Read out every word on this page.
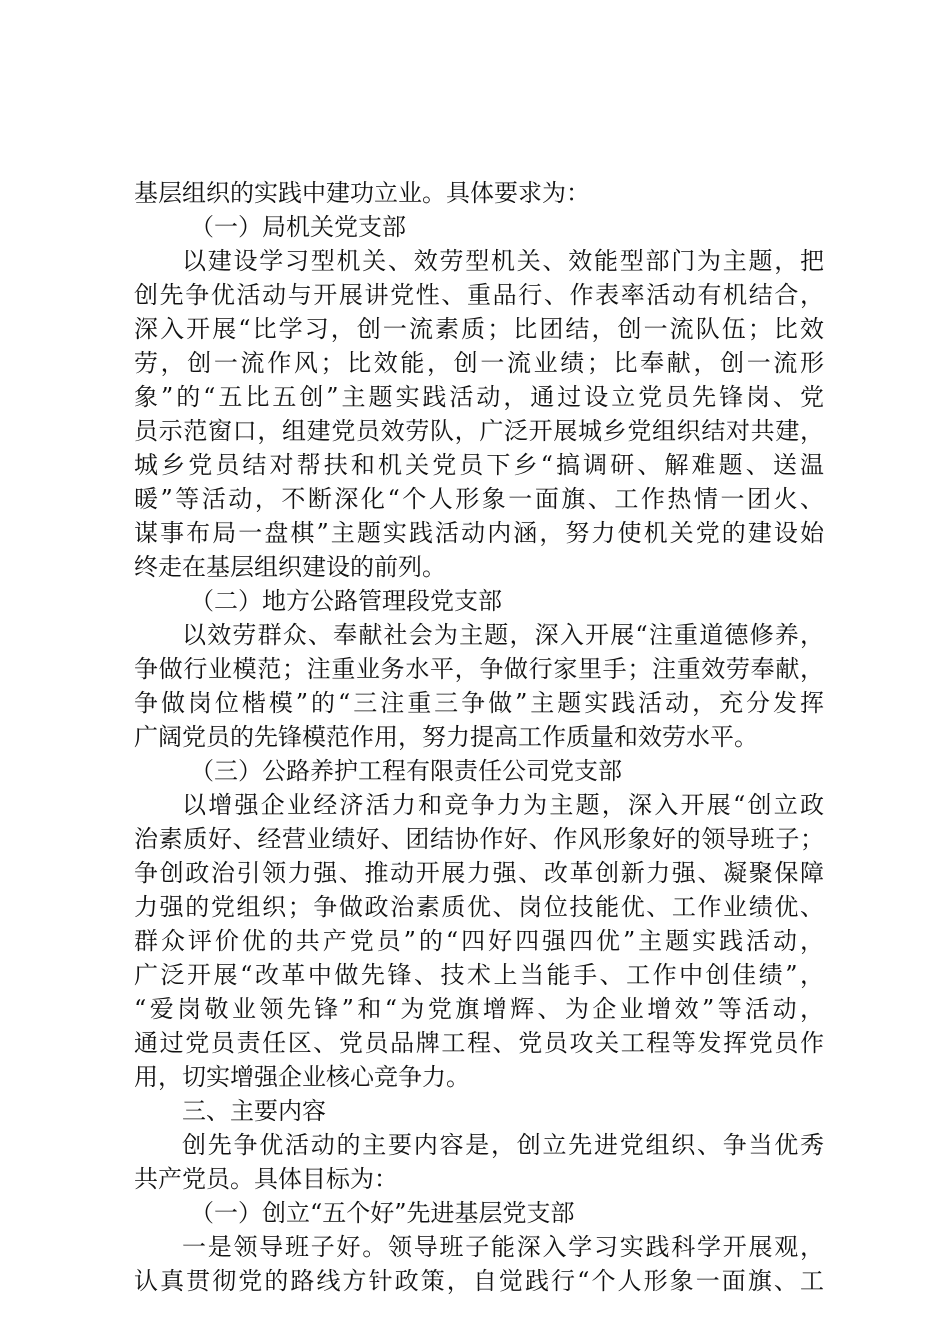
基层组织的实践中建功立业。具体要求为：
（一）局机关党支部
以建设学习型机关、效劳型机关、效能型部门为主题，把
创先争优活动与开展讲党性、重品行、作表率活动有机结合，
深入开展“比学习，创一流素质；比团结，创一流队伍；比效
劳，创一流作风；比效能，创一流业绩；比奉献，创一流形
象”的“五比五创”主题实践活动，通过设立党员先锋岗、党
员示范窗口，组建党员效劳队，广泛开展城乡党组织结对共建，
城乡党员结对帮扶和机关党员下乡“搞调研、解难题、送温
暖”等活动，不断深化“个人形象一面旗、工作热情一团火、
谋事布局一盘棋”主题实践活动内涵，努力使机关党的建设始
终走在基层组织建设的前列。
（二）地方公路管理段党支部
以效劳群众、奉献社会为主题，深入开展“注重道德修养，
争做行业模范；注重业务水平，争做行家里手；注重效劳奉献，
争做岗位楷模”的“三注重三争做”主题实践活动，充分发挥
广阔党员的先锋模范作用，努力提高工作质量和效劳水平。
（三）公路养护工程有限责任公司党支部
以增强企业经济活力和竞争力为主题，深入开展“创立政
治素质好、经营业绩好、团结协作好、作风形象好的领导班子；
争创政治引领力强、推动开展力强、改革创新力强、凝聚保障
力强的党组织；争做政治素质优、岗位技能优、工作业绩优、
群众评价优的共产党员”的“四好四强四优”主题实践活动，
广泛开展“改革中做先锋、技术上当能手、工作中创佳绩”，
“爱岗敬业领先锋”和“为党旗增辉、为企业增效”等活动，
通过党员责任区、党员品牌工程、党员攻关工程等发挥党员作
用，切实增强企业核心竞争力。
三、主要内容
创先争优活动的主要内容是，创立先进党组织、争当优秀
共产党员。具体目标为：
（一）创立“五个好”先进基层党支部
一是领导班子好。领导班子能深入学习实践科学开展观，
认真贯彻党的路线方针政策，自觉践行“个人形象一面旗、工
